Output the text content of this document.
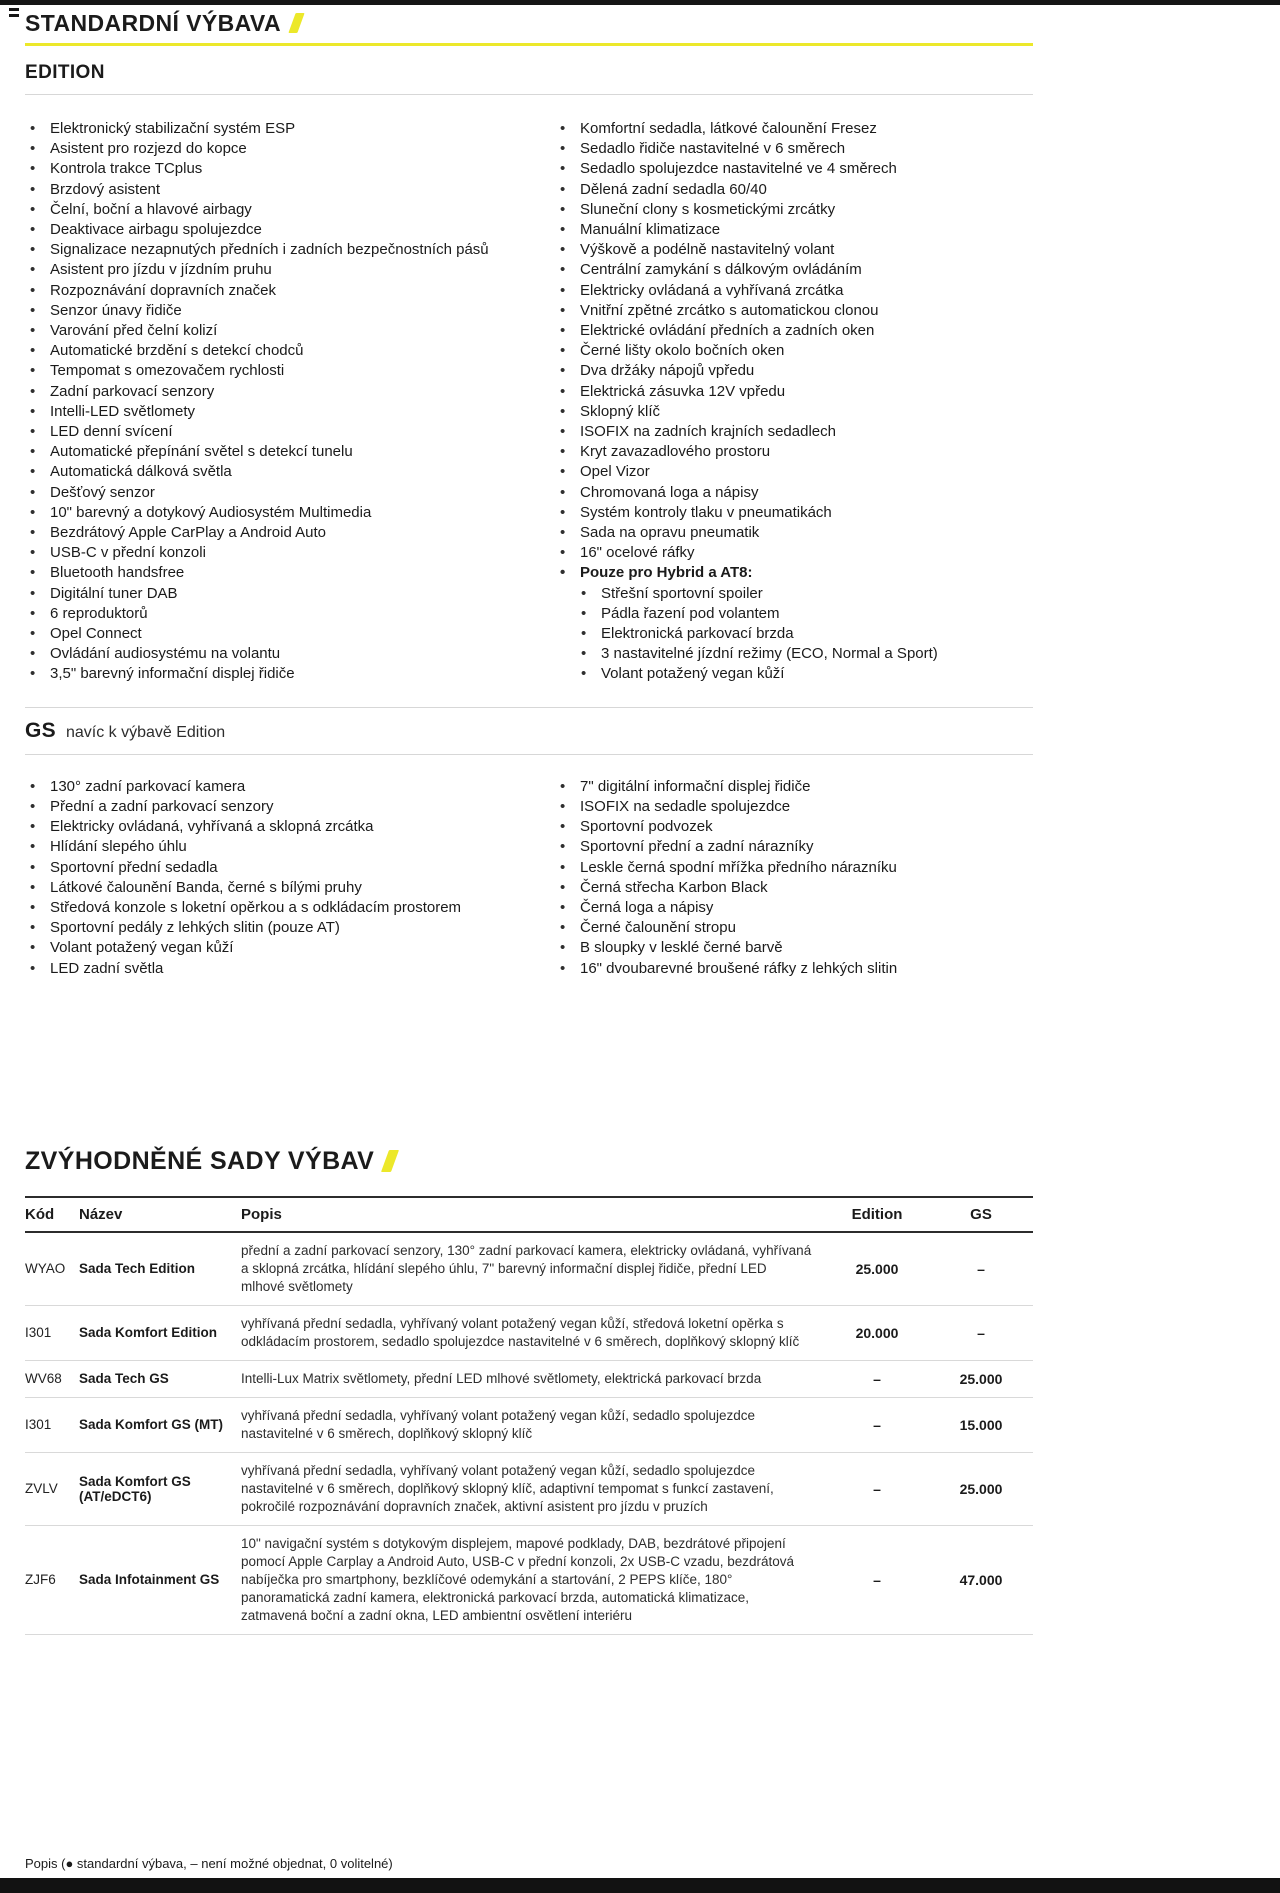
STANDARDNÍ VÝBAVA
EDITION
• Elektronický stabilizační systém ESP
• Asistent pro rozjezd do kopce
• Kontrola trakce TCplus
• Brzdový asistent
• Čelní, boční a hlavové airbagy
• Deaktivace airbagu spolujezdce
• Signalizace nezapnutých předních i zadních bezpečnostních pásů
• Asistent pro jízdu v jízdním pruhu
• Rozpoznávání dopravních značek
• Senzor únavy řidiče
• Varování před čelní kolizí
• Automatické brzdění s detekcí chodců
• Tempomat s omezovačem rychlosti
• Zadní parkovací senzory
• Intelli-LED světlomety
• LED denní svícení
• Automatické přepínání světel s detekcí tunelu
• Automatická dálková světla
• Dešťový senzor
• 10" barevný a dotykový Audiosystém Multimedia
• Bezdrátový Apple CarPlay a Android Auto
• USB-C v přední konzoli
• Bluetooth handsfree
• Digitální tuner DAB
• 6 reproduktorů
• Opel Connect
• Ovládání audiosystému na volantu
• 3,5" barevný informační displej řidiče
• Komfortní sedadla, látkové čalounění Fresez
• Sedadlo řidiče nastavitelné v 6 směrech
• Sedadlo spolujezdce nastavitelné ve 4 směrech
• Dělená zadní sedadla 60/40
• Sluneční clony s kosmetickými zrcátky
• Manuální klimatizace
• Výškově a podélně nastavitelný volant
• Centrální zamykání s dálkovým ovládáním
• Elektricky ovládaná a vyhřívaná zrcátka
• Vnitřní zpětné zrcátko s automatickou clonou
• Elektrické ovládání předních a zadních oken
• Černé lišty okolo bočních oken
• Dva držáky nápojů vpředu
• Elektrická zásuvka 12V vpředu
• Sklopný klíč
• ISOFIX na zadních krajních sedadlech
• Kryt zavazadlového prostoru
• Opel Vizor
• Chromovaná loga a nápisy
• Systém kontroly tlaku v pneumatikách
• Sada na opravu pneumatik
• 16" ocelové ráfky
• Pouze pro Hybrid a AT8:
• Střešní sportovní spoiler
• Pádla řazení pod volantem
• Elektronická parkovací brzda
• 3 nastavitelné jízdní režimy (ECO, Normal a Sport)
• Volant potažený vegan kůží
GS navíc k výbavě Edition
• 130° zadní parkovací kamera
• Přední a zadní parkovací senzory
• Elektricky ovládaná, vyhřívaná a sklopná zrcátka
• Hlídání slepého úhlu
• Sportovní přední sedadla
• Látkové čalounění Banda, černé s bílými pruhy
• Středová konzole s loketní opěrkou a s odkládacím prostorem
• Sportovní pedály z lehkých slitin (pouze AT)
• Volant potažený vegan kůží
• LED zadní světla
• 7" digitální informační displej řidiče
• ISOFIX na sedadle spolujezdce
• Sportovní podvozek
• Sportovní přední a zadní nárazníky
• Leskle černá spodní mřížka předního nárazníku
• Černá střecha Karbon Black
• Černá loga a nápisy
• Černé čalounění stropu
• B sloupky v lesklé černé barvě
• 16" dvoubarevné broušené ráfky z lehkých slitin
ZVÝHODNĚNÉ SADY VÝBAV
Kód	Název	Popis	Edition	GS
WYAO	Sada Tech Edition	přední a zadní parkovací senzory, 130° zadní parkovací kamera, elektricky ovládaná, vyhřívaná a sklopná zrcátka, hlídání slepého úhlu, 7" barevný informační displej řidiče, přední LED mlhové světlomety	25.000	–
I301	Sada Komfort Edition	vyhřívaná přední sedadla, vyhřívaný volant potažený vegan kůží, středová loketní opěrka s odkládacím prostorem, sedadlo spolujezdce nastavitelné v 6 směrech, doplňkový sklopný klíč	20.000	–
WV68	Sada Tech GS	Intelli-Lux Matrix světlomety, přední LED mlhové světlomety, elektrická parkovací brzda	–	25.000
I301	Sada Komfort GS (MT)	vyhřívaná přední sedadla, vyhřívaný volant potažený vegan kůží, sedadlo spolujezdce nastavitelné v 6 směrech, doplňkový sklopný klíč	–	15.000
ZVLV	Sada Komfort GS (AT/eDCT6)	vyhřívaná přední sedadla, vyhřívaný volant potažený vegan kůží, sedadlo spolujezdce nastavitelné v 6 směrech, doplňkový sklopný klíč, adaptivní tempomat s funkcí zastavení, pokročilé rozpoznávání dopravních značek, aktivní asistent pro jízdu v pruzích	–	25.000
ZJF6	Sada Infotainment GS	10" navigační systém s dotykovým displejem, mapové podklady, DAB, bezdrátové připojení pomocí Apple Carplay a Android Auto, USB-C v přední konzoli, 2x USB-C vzadu, bezdrátová nabíječka pro smartphony, bezklíčové odemykání a startování, 2 PEPS klíče, 180° panoramatická zadní kamera, elektronická parkovací brzda, automatická klimatizace, zatmavená boční a zadní okna, LED ambientní osvětlení interiéru	–	47.000
Popis (● standardní výbava, – není možné objednat, 0 volitelné)
